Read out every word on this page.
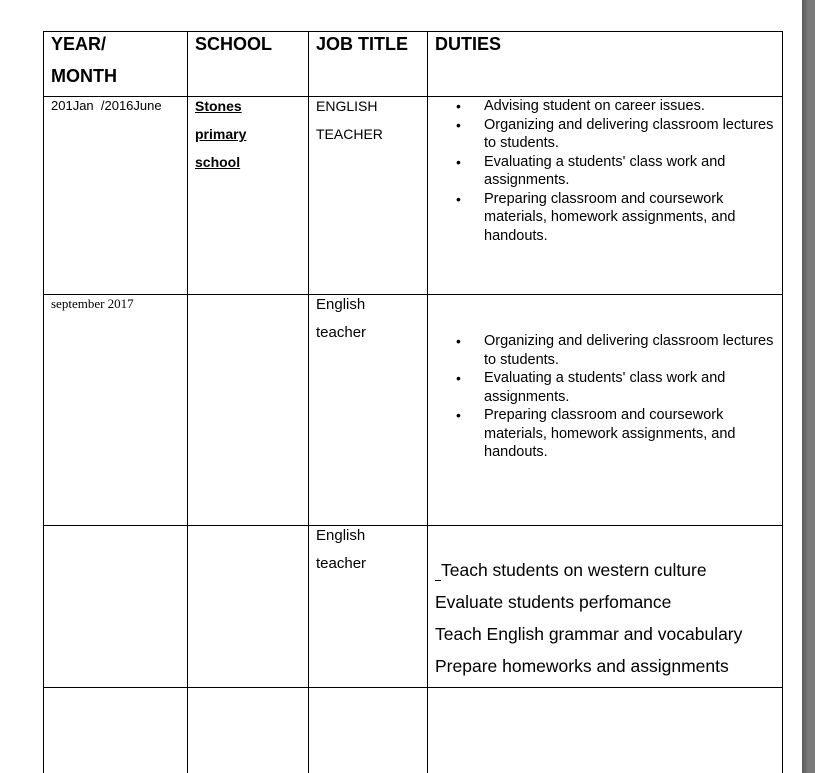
YEAR/
MONTH
SCHOOL JOB TITLE DUTIES
201Jan  /2016June Stones
primary
school
ENGLISH
TEACHER
• Advising student on career issues.
• Organizing and delivering classroom lectures to students.
• Evaluating a students' class work and assignments.
• Preparing classroom and coursework materials, homework assignments, and handouts.
september 2017	English
teacher
•	Organizing and delivering classroom lectures to students.
• Evaluating a students' class work and assignments.
• Preparing classroom and coursework materials, homework assignments, and handouts.
English
teacher	Teach students on western culture
Evaluate students perfomance
Teach English grammar and vocabulary
Prepare homeworks and assignments
